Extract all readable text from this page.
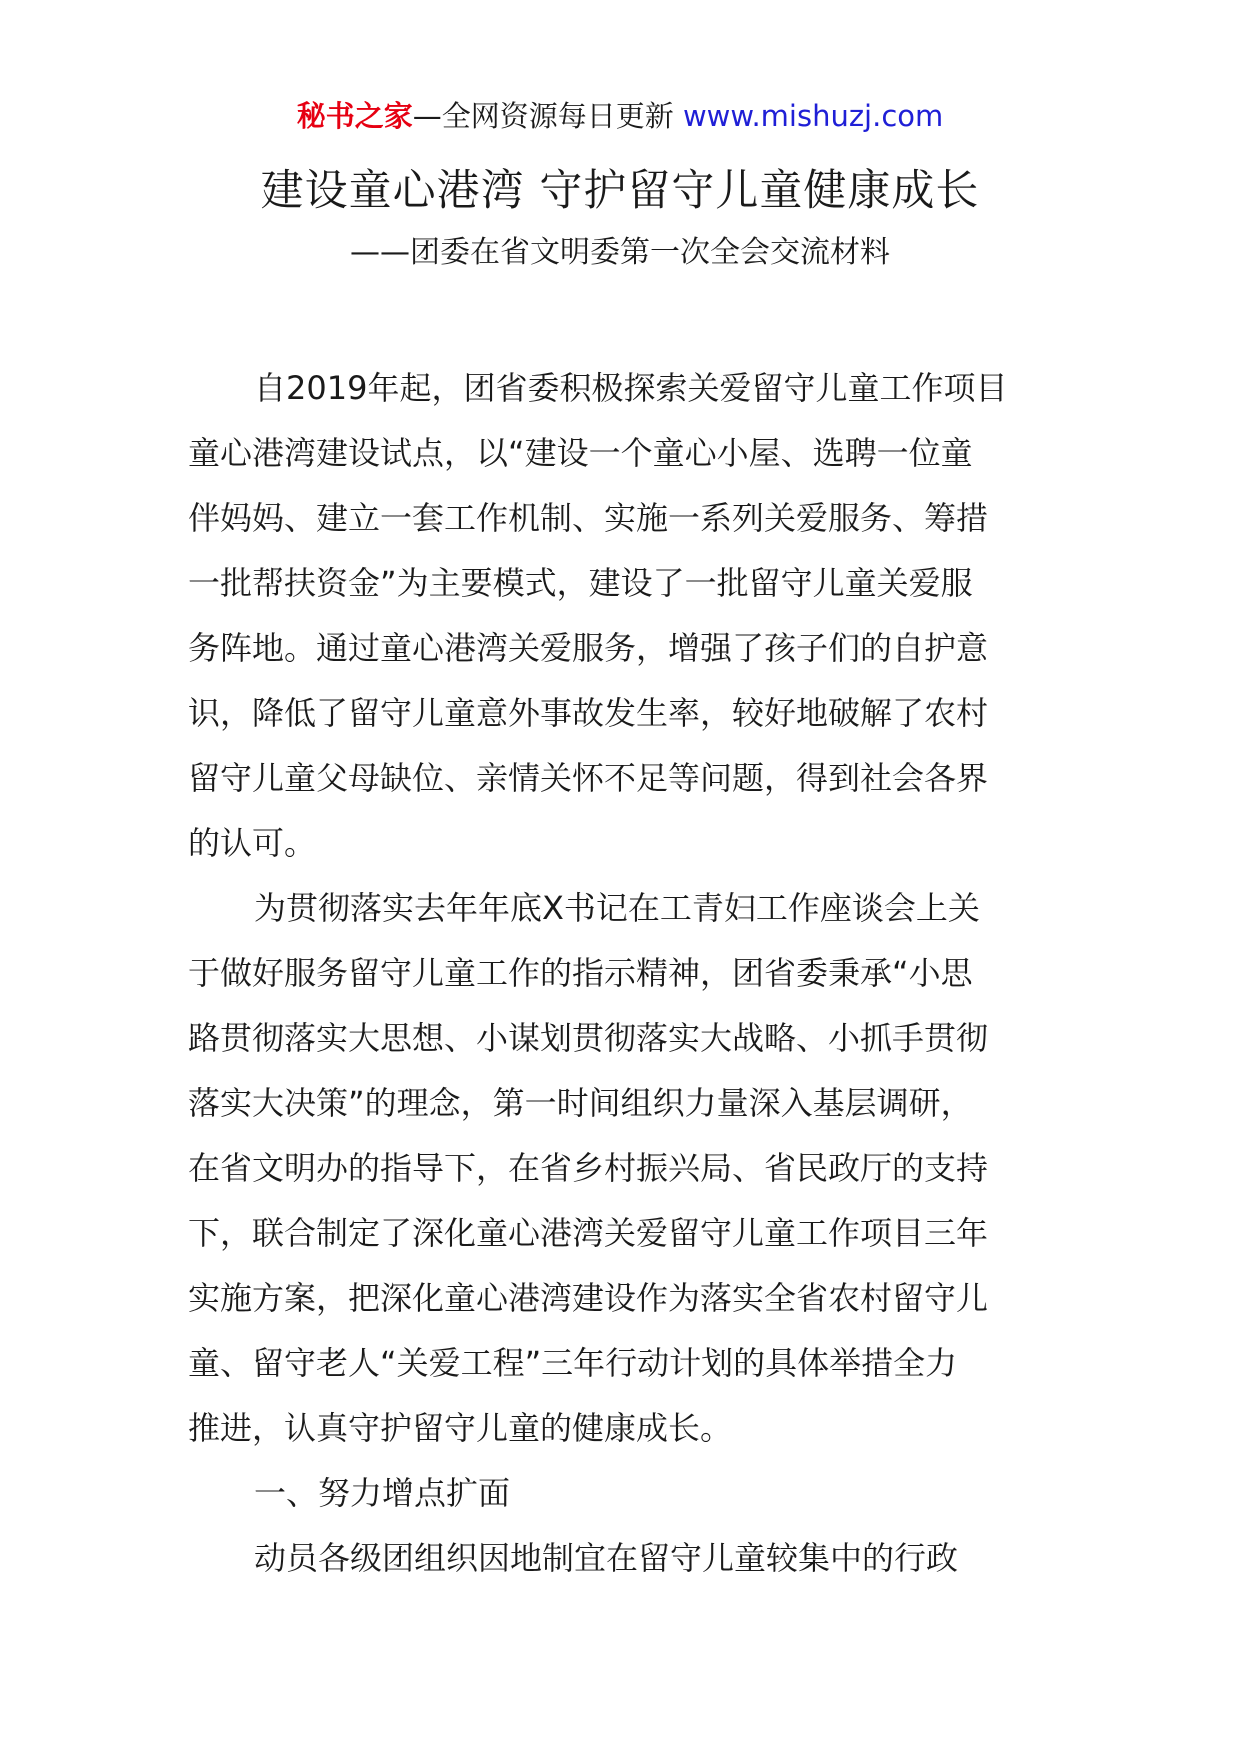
秘书之家—全网资源每日更新 www.mishuzj.com
建设童心港湾 守护留守儿童健康成长
——团委在省文明委第一次全会交流材料
自2019年起，团省委积极探索关爱留守儿童工作项目
童心港湾建设试点，以“建设一个童心小屋、选聘一位童
伴妈妈、建立一套工作机制、实施一系列关爱服务、筹措
一批帮扶资金”为主要模式，建设了一批留守儿童关爱服
务阵地。通过童心港湾关爱服务，增强了孩子们的自护意
识，降低了留守儿童意外事故发生率，较好地破解了农村
留守儿童父母缺位、亲情关怀不足等问题，得到社会各界
的认可。
为贯彻落实去年年底X书记在工青妇工作座谈会上关
于做好服务留守儿童工作的指示精神，团省委秉承“小思
路贯彻落实大思想、小谋划贯彻落实大战略、小抓手贯彻
落实大决策”的理念，第一时间组织力量深入基层调研，
在省文明办的指导下，在省乡村振兴局、省民政厅的支持
下，联合制定了深化童心港湾关爱留守儿童工作项目三年
实施方案，把深化童心港湾建设作为落实全省农村留守儿
童、留守老人“关爱工程”三年行动计划的具体举措全力
推进，认真守护留守儿童的健康成长。
一、努力增点扩面
动员各级团组织因地制宜在留守儿童较集中的行政
